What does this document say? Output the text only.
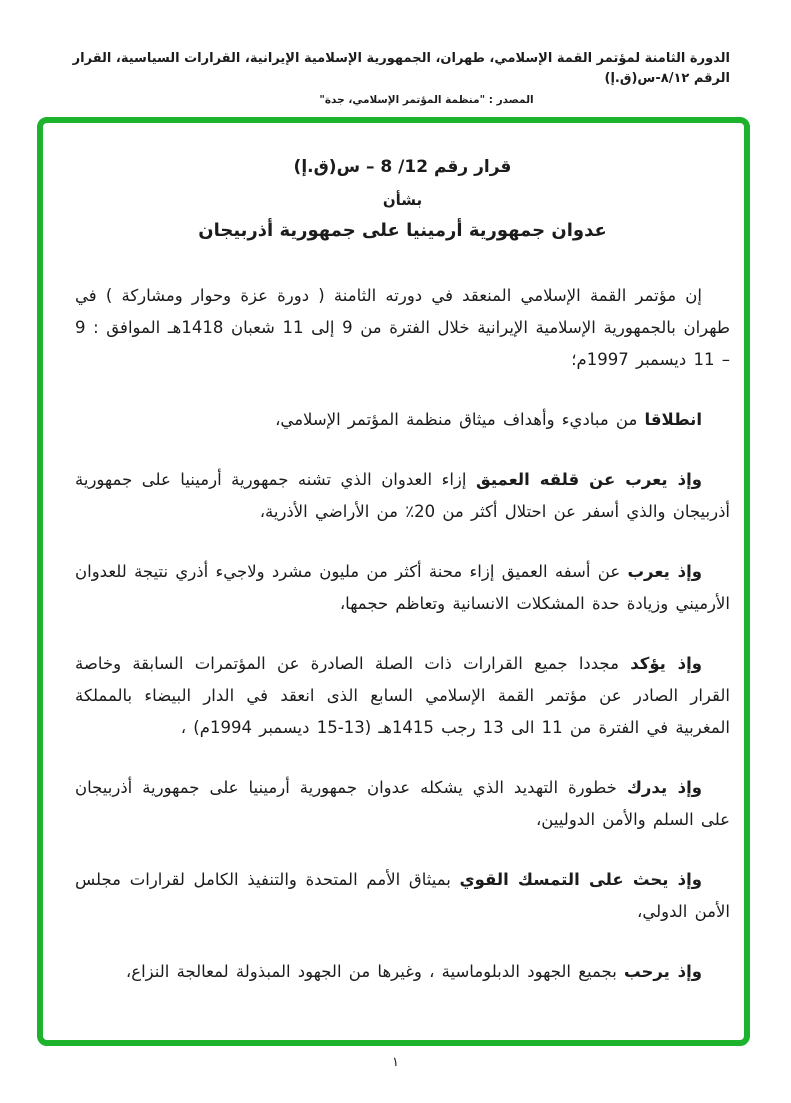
الدورة الثامنة لمؤتمر القمة الإسلامي، طهران، الجمهورية الإسلامية الإيرانية، القرارات السياسية، القرار الرقم ٨/١٢-س(ق.إ)
المصدر : "منظمة المؤتمر الإسلامي، جدة"
قرار رقم 12/ 8 – س(ق.إ)
بشأن
عدوان جمهورية أرمينيا على جمهورية أذربيجان

إن مؤتمر القمة الإسلامي المنعقد في دورته الثامنة ( دورة عزة وحوار ومشاركة ) في طهران بالجمهورية الإسلامية الإيرانية خلال الفترة من 9 إلى 11 شعبان 1418هـ الموافق : 9 – 11 ديسمبر 1997م؛

انطلاقا من مباديء وأهداف ميثاق منظمة المؤتمر الإسلامي،

وإذ يعرب عن قلقه العميق إزاء العدوان الذي تشنه جمهورية أرمينيا على جمهورية أذربيجان والذي أسفر عن احتلال أكثر من 20٪ من الأراضي الأذرية،

وإذ يعرب عن أسفه العميق إزاء محنة أكثر من مليون مشرد ولاجيء أذري نتيجة للعدوان الأرميني وزيادة حدة المشكلات الانسانية وتعاظم حجمها،

وإذ يؤكد مجددا جميع القرارات ذات الصلة الصادرة عن المؤتمرات السابقة وخاصة القرار الصادر عن مؤتمر القمة الإسلامي السابع الذى انعقد في الدار البيضاء بالمملكة المغربية في الفترة من 11 الى 13 رجب 1415هـ (13-15 ديسمبر 1994م) ،

وإذ يدرك خطورة التهديد الذي يشكله عدوان جمهورية أرمينيا على جمهورية أذربيجان على السلم والأمن الدوليين،

وإذ يحث على التمسك القوي بميثاق الأمم المتحدة والتنفيذ الكامل لقرارات مجلس الأمن الدولي،

وإذ يرحب بجميع الجهود الدبلوماسية ، وغيرها من الجهود المبذولة لمعالجة النزاع،

١
